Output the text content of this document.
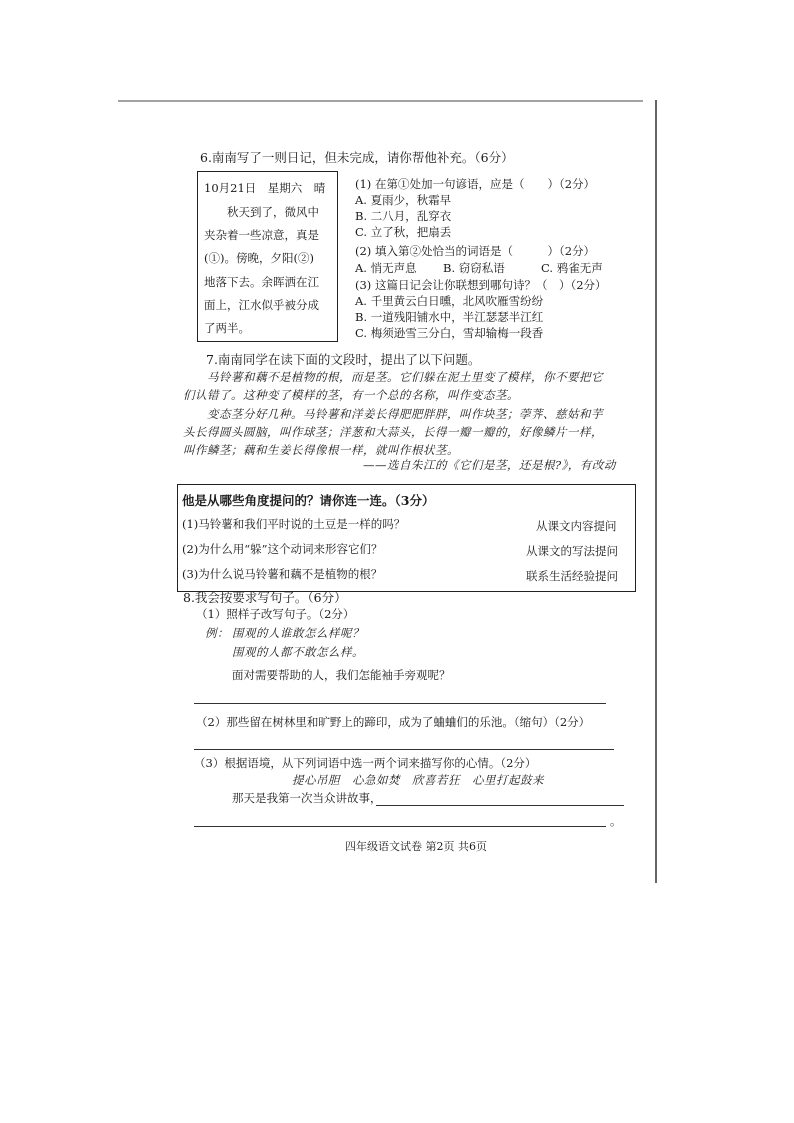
6.南南写了一则日记，但未完成，请你帮他补充。（6分）
10月21日　星期六　晴
　　秋天到了，微风中
夹杂着一些凉意，真是
(①)。傍晚，夕阳(②)
地落下去。余晖洒在江
面上，江水似乎被分成
了两半。
(1) 在第①处加一句谚语，应是（　　）（2分）
A. 夏雨少，秋霜早
B. 二八月，乱穿衣
C. 立了秋，把扇丢
(2) 填入第②处恰当的词语是（　　　）（2分）
A. 悄无声息 B. 窃窃私语	C. 鸦雀无声
(3) 这篇日记会让你联想到哪句诗？（　）（2分）
A. 千里黄云白日曛，北风吹雁雪纷纷
B. 一道残阳铺水中，半江瑟瑟半江红
C. 梅须逊雪三分白，雪却输梅一段香
7.南南同学在读下面的文段时，提出了以下问题。
　　马铃薯和藕不是植物的根，而是茎。它们躲在泥土里变了模样，你不要把它
们认错了。这种变了模样的茎，有一个总的名称，叫作变态茎。
　　变态茎分好几种。马铃薯和洋姜长得肥肥胖胖，叫作块茎；荸荠、慈姑和芋
头长得圆头圆脑，叫作球茎；洋葱和大蒜头，长得一瓣一瓣的，好像鳞片一样，
叫作鳞茎；藕和生姜长得像根一样，就叫作根状茎。
——选自朱江的《它们是茎，还是根?》，有改动
他是从哪些角度提问的？请你连一连。（3分）
(1)马铃薯和我们平时说的土豆是一样的吗？
(2)为什么用“躲”这个动词来形容它们？
(3)为什么说马铃薯和藕不是植物的根？
从课文内容提问
从课文的写法提问
联系生活经验提问
8.我会按要求写句子。（6分）
（1）照样子改写句子。（2分）
例： 围观的人谁敢怎么样呢？
围观的人都不敢怎么样。
面对需要帮助的人，我们怎能袖手旁观呢？
（2）那些留在树林里和旷野上的蹄印，成为了蛐蛐们的乐池。（缩句）（2分）
（3）根据语境，从下列词语中选一两个词来描写你的心情。（2分）
提心吊胆　心急如焚　欣喜若狂　心里打起鼓来
那天是我第一次当众讲故事，
。
四年级语文试卷 第2页 共6页
